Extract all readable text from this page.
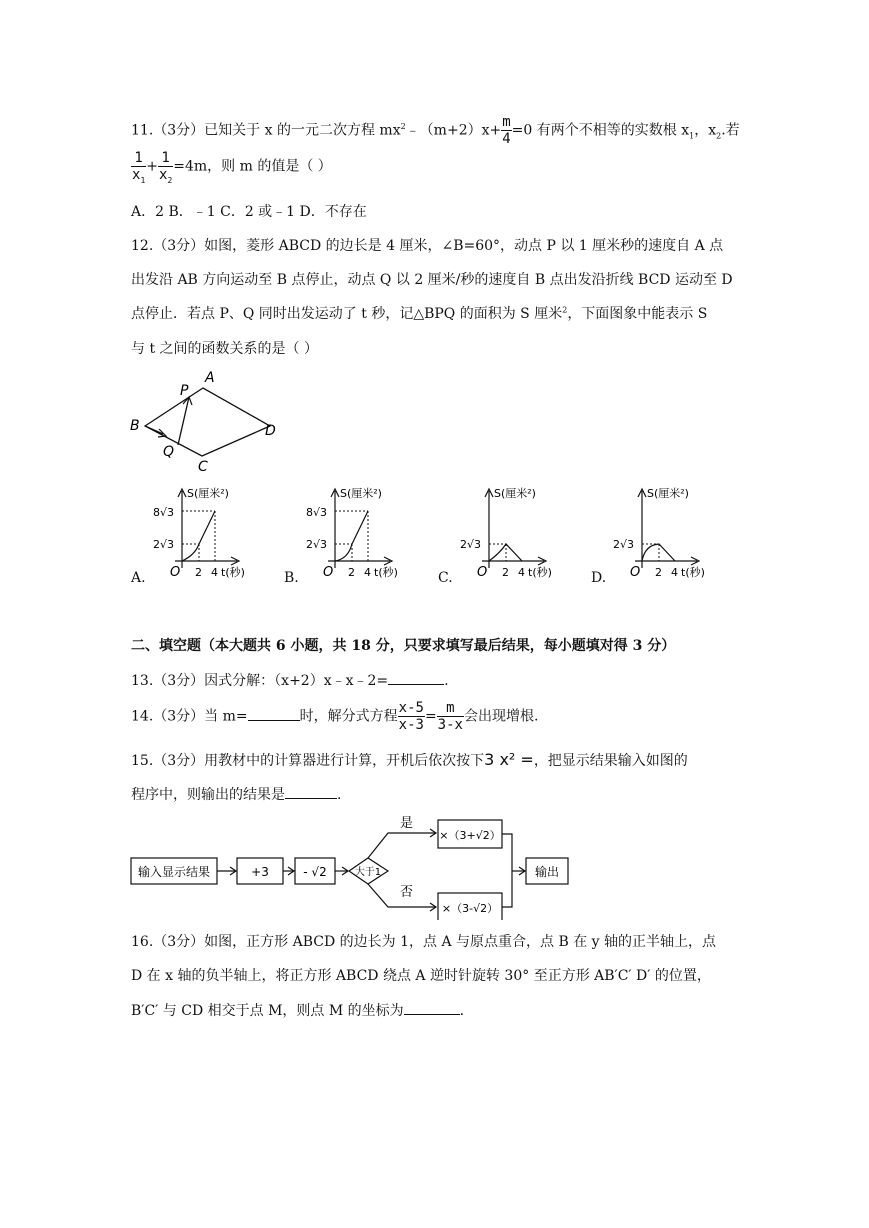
11.（3分）已知关于 x 的一元二次方程 $mx^2﹣(m+2)x+ \frac{m}{4} =0$ 有两个不相等的实数根 $x_1$，$x_2$.若
$\frac{1}{x_1} + \frac{1}{x_2} =4m$，则 m 的值是（ ）
A．2 B．﹣1 C．2 或﹣1 D．不存在
12.（3分）如图，菱形 ABCD 的边长是 4 厘米，∠B=60°，动点 P 以 1 厘米秒的速度自 A 点
出发沿 AB 方向运动至 B 点停止，动点 Q 以 2 厘米/秒的速度自 B 点出发沿折线 BCD 运动至 D
点停止．若点 P、Q 同时出发运动了 t 秒，记△BPQ 的面积为 S 厘米$^2$，下面图象中能表示 S
与 t 之间的函数关系的是（ ）
A
B
C
D
P
Q
A.
S(厘米²)
8√3
2√3
O 2 4 t(秒)	B.
S(厘米²)
8√3
2√3
O 2 4 t(秒)	C.
S(厘米²)
2√3
O 2 4 t(秒)	D.
S(厘米²)
2√3
O 2 4 t(秒)
二、填空题（本大题共 6 小题，共 18 分，只要求填写最后结果，每小题填对得 3 分）
13.（3分）因式分解：（x+2）x﹣x﹣2=	.
14.（3分）当 m=	时，解分式方程 $\frac{x-5}{x-3} = \frac{m}{3-x}$ 会出现增根.
15.（3分）用教材中的计算器进行计算，开机后依次按下3 x² =，把显示结果输入如图的
程序中，则输出的结果是	.
输入显示结果	+3	- √2	大于1
是
否
×（3+√2）
×（3-√2）
输出
16.（3分）如图，正方形 ABCD 的边长为 1，点 A 与原点重合，点 B 在 y 轴的正半轴上，点
D 在 x 轴的负半轴上，将正方形 ABCD 绕点 A 逆时针旋转 30° 至正方形 AB′C′ D′ 的位置，
B′C′ 与 CD 相交于点 M，则点 M 的坐标为	.
